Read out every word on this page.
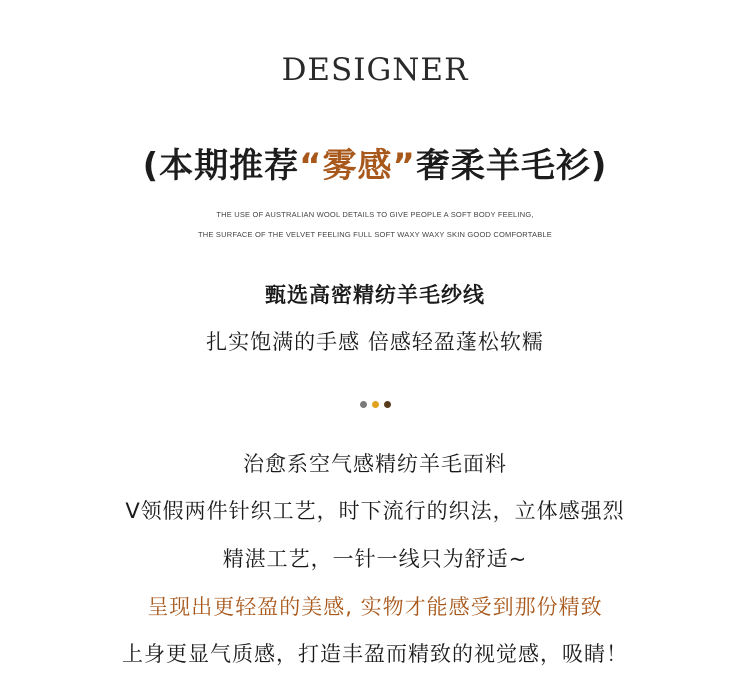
DESIGNER
(本期推荐“雾感”奢柔羊毛衫)
THE USE OF AUSTRALIAN WOOL DETAILS TO GIVE PEOPLE A SOFT BODY FEELING,
THE SURFACE OF THE VELVET FEELING FULL SOFT WAXY WAXY SKIN GOOD COMFORTABLE
甄选高密精纺羊毛纱线
扎实饱满的手感 倍感轻盈蓬松软糯
治愈系空气感精纺羊毛面料
V领假两件针织工艺，时下流行的织法，立体感强烈
精湛工艺，一针一线只为舒适~
呈现出更轻盈的美感, 实物才能感受到那份精致
上身更显气质感，打造丰盈而精致的视觉感，吸睛！
